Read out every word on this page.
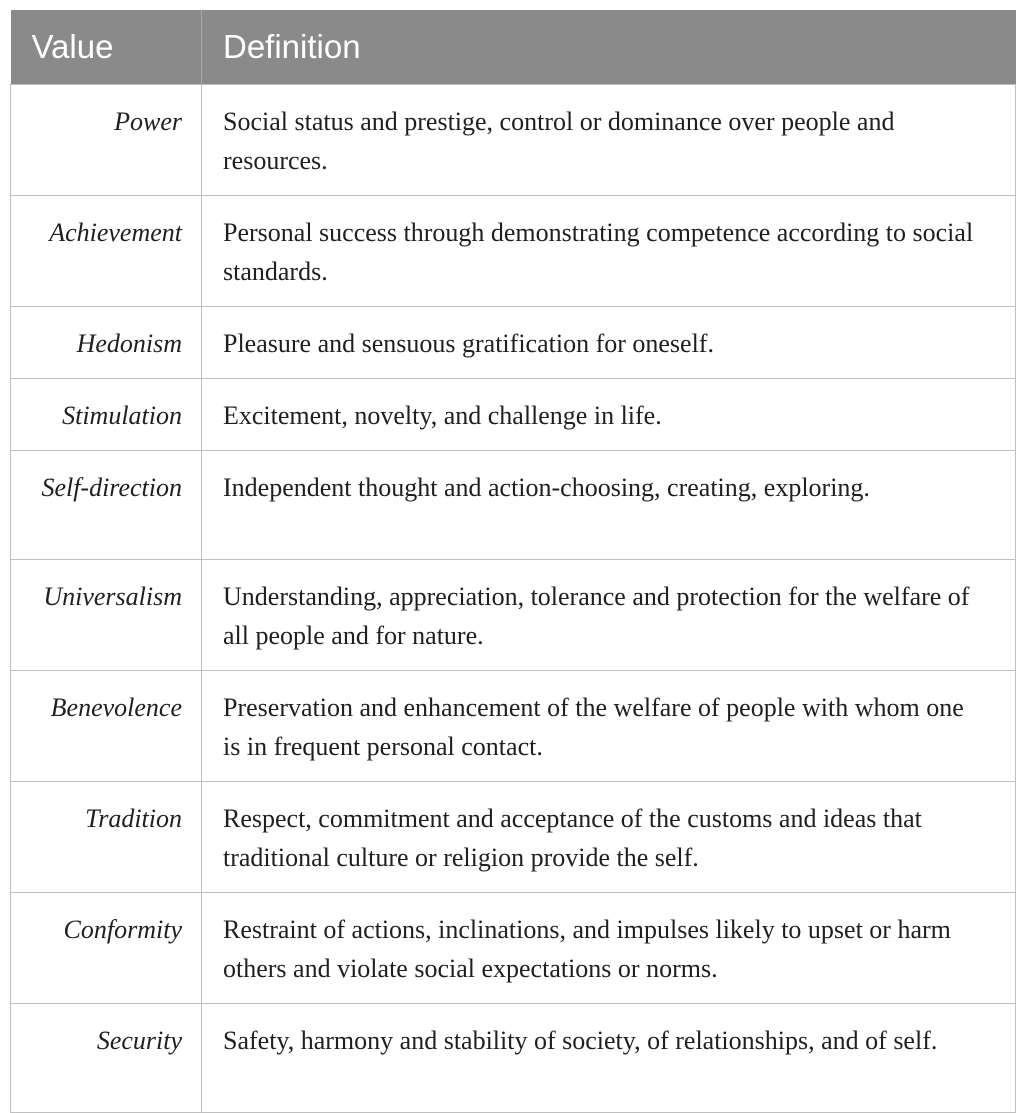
Value	Definition
Power	Social status and prestige, control or dominance over people and resources.
Achievement	Personal success through demonstrating competence according to social standards.
Hedonism	Pleasure and sensuous gratification for oneself.
Stimulation	Excitement, novelty, and challenge in life.
Self-direction	Independent thought and action-choosing, creating, exploring.
Universalism	Understanding, appreciation, tolerance and protection for the welfare of all people and for nature.
Benevolence	Preservation and enhancement of the welfare of people with whom one is in frequent personal contact.
Tradition	Respect, commitment and acceptance of the customs and ideas that traditional culture or religion provide the self.
Conformity	Restraint of actions, inclinations, and impulses likely to upset or harm others and violate social expectations or norms.
Security	Safety, harmony and stability of society, of relationships, and of self.
